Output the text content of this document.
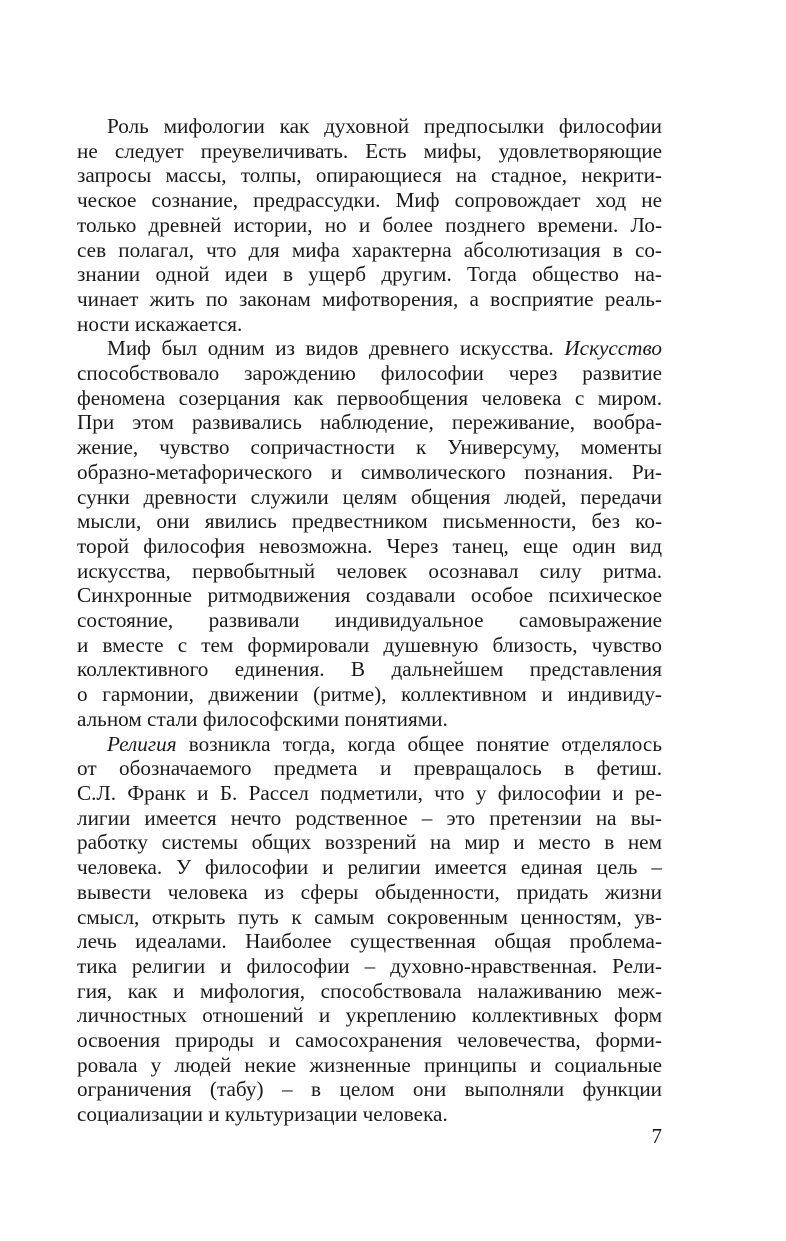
Роль мифологии как духовной предпосылки философии
не следует преувеличивать. Есть мифы, удовлетворяющие
запросы массы, толпы, опирающиеся на стадное, некрити-
ческое сознание, предрассудки. Миф сопровождает ход не
только древней истории, но и более позднего времени. Ло-
сев полагал, что для мифа характерна абсолютизация в со-
знании одной идеи в ущерб другим. Тогда общество на-
чинает жить по законам мифотворения, а восприятие реаль-
ности искажается.
Миф был одним из видов древнего искусства. Искусство
способствовало зарождению философии через развитие
феномена созерцания как первообщения человека с миром.
При этом развивались наблюдение, переживание, вообра-
жение, чувство сопричастности к Универсуму, моменты
образно-метафорического и символического познания. Ри-
сунки древности служили целям общения людей, передачи
мысли, они явились предвестником письменности, без ко-
торой философия невозможна. Через танец, еще один вид
искусства, первобытный человек осознавал силу ритма.
Синхронные ритмодвижения создавали особое психическое
состояние, развивали индивидуальное самовыражение
и вместе с тем формировали душевную близость, чувство
коллективного единения. В дальнейшем представления
о гармонии, движении (ритме), коллективном и индивиду-
альном стали философскими понятиями.
Религия возникла тогда, когда общее понятие отделялось
от обозначаемого предмета и превращалось в фетиш.
С.Л. Франк и Б. Рассел подметили, что у философии и ре-
лигии имеется нечто родственное – это претензии на вы-
работку системы общих воззрений на мир и место в нем
человека. У философии и религии имеется единая цель –
вывести человека из сферы обыденности, придать жизни
смысл, открыть путь к самым сокровенным ценностям, ув-
лечь идеалами. Наиболее существенная общая проблема-
тика религии и философии – духовно-нравственная. Рели-
гия, как и мифология, способствовала налаживанию меж-
личностных отношений и укреплению коллективных форм
освоения природы и самосохранения человечества, форми-
ровала у людей некие жизненные принципы и социальные
ограничения (табу) – в целом они выполняли функции
социализации и культуризации человека.
7
